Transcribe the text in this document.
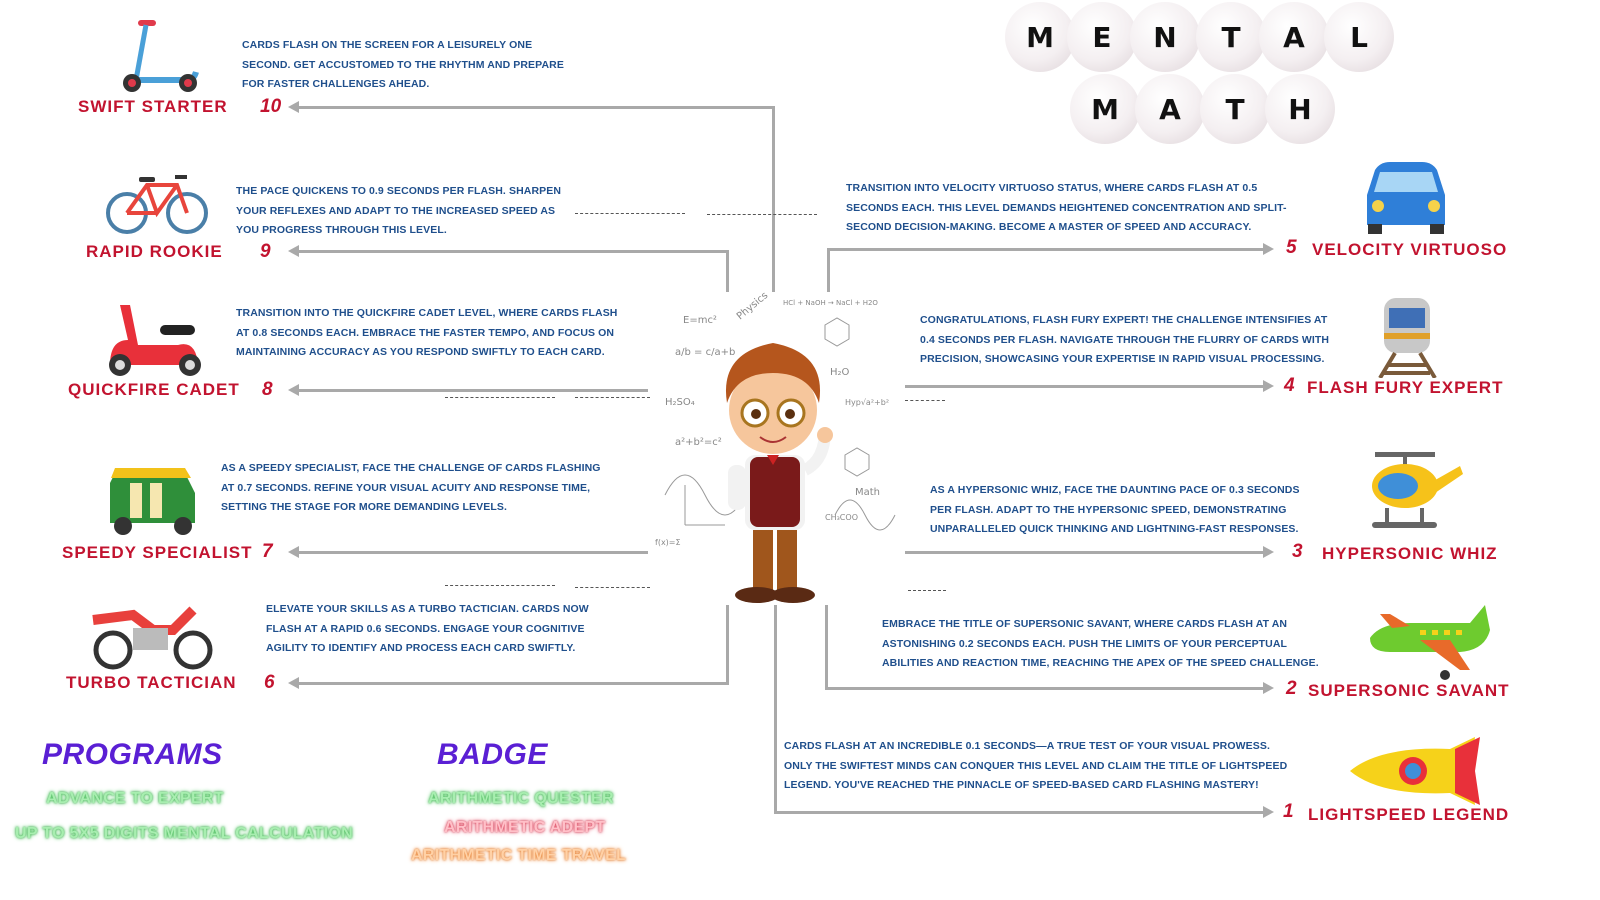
M	E	N	T	A	L
M	A	T	H
E=mc² Physics HCl + NaOH → NaCl + H2O
a/b = c/a+b
H₂SO₄
a²+b²=c²
H₂O
Hyp√a²+b²
Math
CH₃COO
f(x)=Σ
SWIFT STARTER 10
CARDS FLASH ON THE SCREEN FOR A LEISURELY ONE
SECOND. GET ACCUSTOMED TO THE RHYTHM AND PREPARE
FOR FASTER CHALLENGES AHEAD.
RAPID ROOKIE 9
THE PACE QUICKENS TO 0.9 SECONDS PER FLASH. SHARPEN
YOUR REFLEXES AND ADAPT TO THE INCREASED SPEED AS
YOU PROGRESS THROUGH THIS LEVEL.
QUICKFIRE CADET 8
TRANSITION INTO THE QUICKFIRE CADET LEVEL, WHERE CARDS FLASH
AT 0.8 SECONDS EACH. EMBRACE THE FASTER TEMPO, AND FOCUS ON
MAINTAINING ACCURACY AS YOU RESPOND SWIFTLY TO EACH CARD.
SPEEDY SPECIALIST 7
AS A SPEEDY SPECIALIST, FACE THE CHALLENGE OF CARDS FLASHING
AT 0.7 SECONDS. REFINE YOUR VISUAL ACUITY AND RESPONSE TIME,
SETTING THE STAGE FOR MORE DEMANDING LEVELS.
TURBO TACTICIAN 6
ELEVATE YOUR SKILLS AS A TURBO TACTICIAN. CARDS NOW
FLASH AT A RAPID 0.6 SECONDS. ENGAGE YOUR COGNITIVE
AGILITY TO IDENTIFY AND PROCESS EACH CARD SWIFTLY.
5 VELOCITY VIRTUOSO
TRANSITION INTO VELOCITY VIRTUOSO STATUS, WHERE CARDS FLASH AT 0.5
SECONDS EACH. THIS LEVEL DEMANDS HEIGHTENED CONCENTRATION AND SPLIT-
SECOND DECISION-MAKING. BECOME A MASTER OF SPEED AND ACCURACY.
4 FLASH FURY EXPERT
CONGRATULATIONS, FLASH FURY EXPERT! THE CHALLENGE INTENSIFIES AT
0.4 SECONDS PER FLASH. NAVIGATE THROUGH THE FLURRY OF CARDS WITH
PRECISION, SHOWCASING YOUR EXPERTISE IN RAPID VISUAL PROCESSING.
3 HYPERSONIC WHIZ
AS A HYPERSONIC WHIZ, FACE THE DAUNTING PACE OF 0.3 SECONDS
PER FLASH. ADAPT TO THE HYPERSONIC SPEED, DEMONSTRATING
UNPARALLELED QUICK THINKING AND LIGHTNING-FAST RESPONSES.
2 SUPERSONIC SAVANT
EMBRACE THE TITLE OF SUPERSONIC SAVANT, WHERE CARDS FLASH AT AN
ASTONISHING 0.2 SECONDS EACH. PUSH THE LIMITS OF YOUR PERCEPTUAL
ABILITIES AND REACTION TIME, REACHING THE APEX OF THE SPEED CHALLENGE.
1 LIGHTSPEED LEGEND
CARDS FLASH AT AN INCREDIBLE 0.1 SECONDS—A TRUE TEST OF YOUR VISUAL PROWESS.
ONLY THE SWIFTEST MINDS CAN CONQUER THIS LEVEL AND CLAIM THE TITLE OF LIGHTSPEED
LEGEND. YOU'VE REACHED THE PINNACLE OF SPEED-BASED CARD FLASHING MASTERY!
PROGRAMS
ADVANCE TO EXPERT
UP TO 5X5 DIGITS MENTAL CALCULATION
BADGE
ARITHMETIC QUESTER
ARITHMETIC ADEPT
ARITHMETIC TIME TRAVEL
